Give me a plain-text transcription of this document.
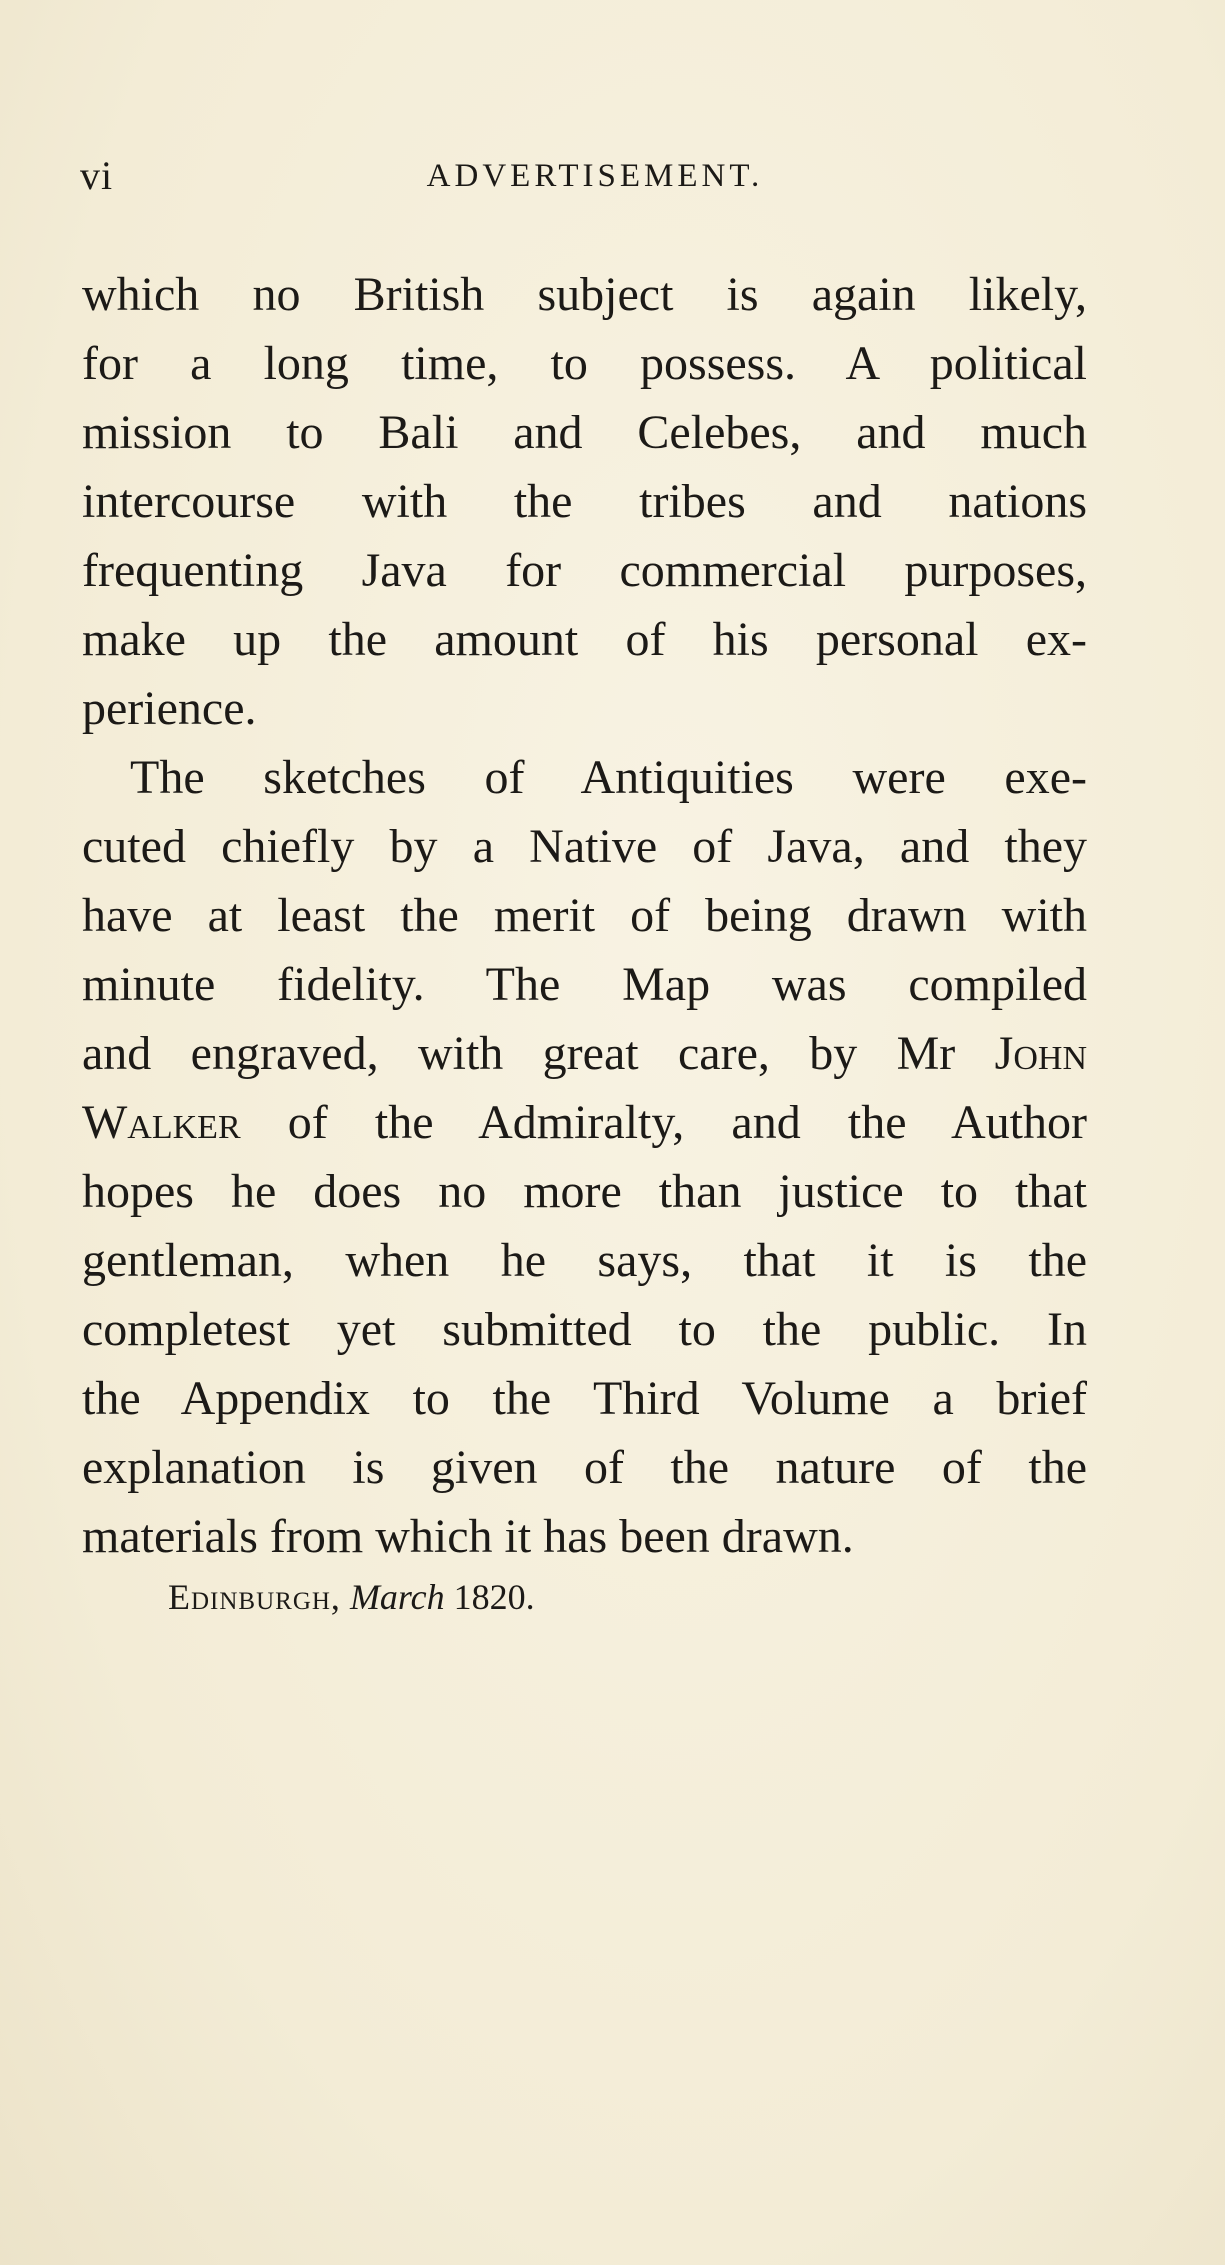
vi	ADVERTISEMENT.
which no British subject is again likely,
for a long time, to possess. A political
mission to Bali and Celebes, and much
intercourse with the tribes and nations
frequenting Java for commercial purposes,
make up the amount of his personal ex-
perience.
The sketches of Antiquities were exe-
cuted chiefly by a Native of Java, and they
have at least the merit of being drawn with
minute fidelity. The Map was compiled
and engraved, with great care, by Mr John
Walker of the Admiralty, and the Author
hopes he does no more than justice to that
gentleman, when he says, that it is the
completest yet submitted to the public. In
the Appendix to the Third Volume a brief
explanation is given of the nature of the
materials from which it has been drawn.
Edinburgh, March 1820.
